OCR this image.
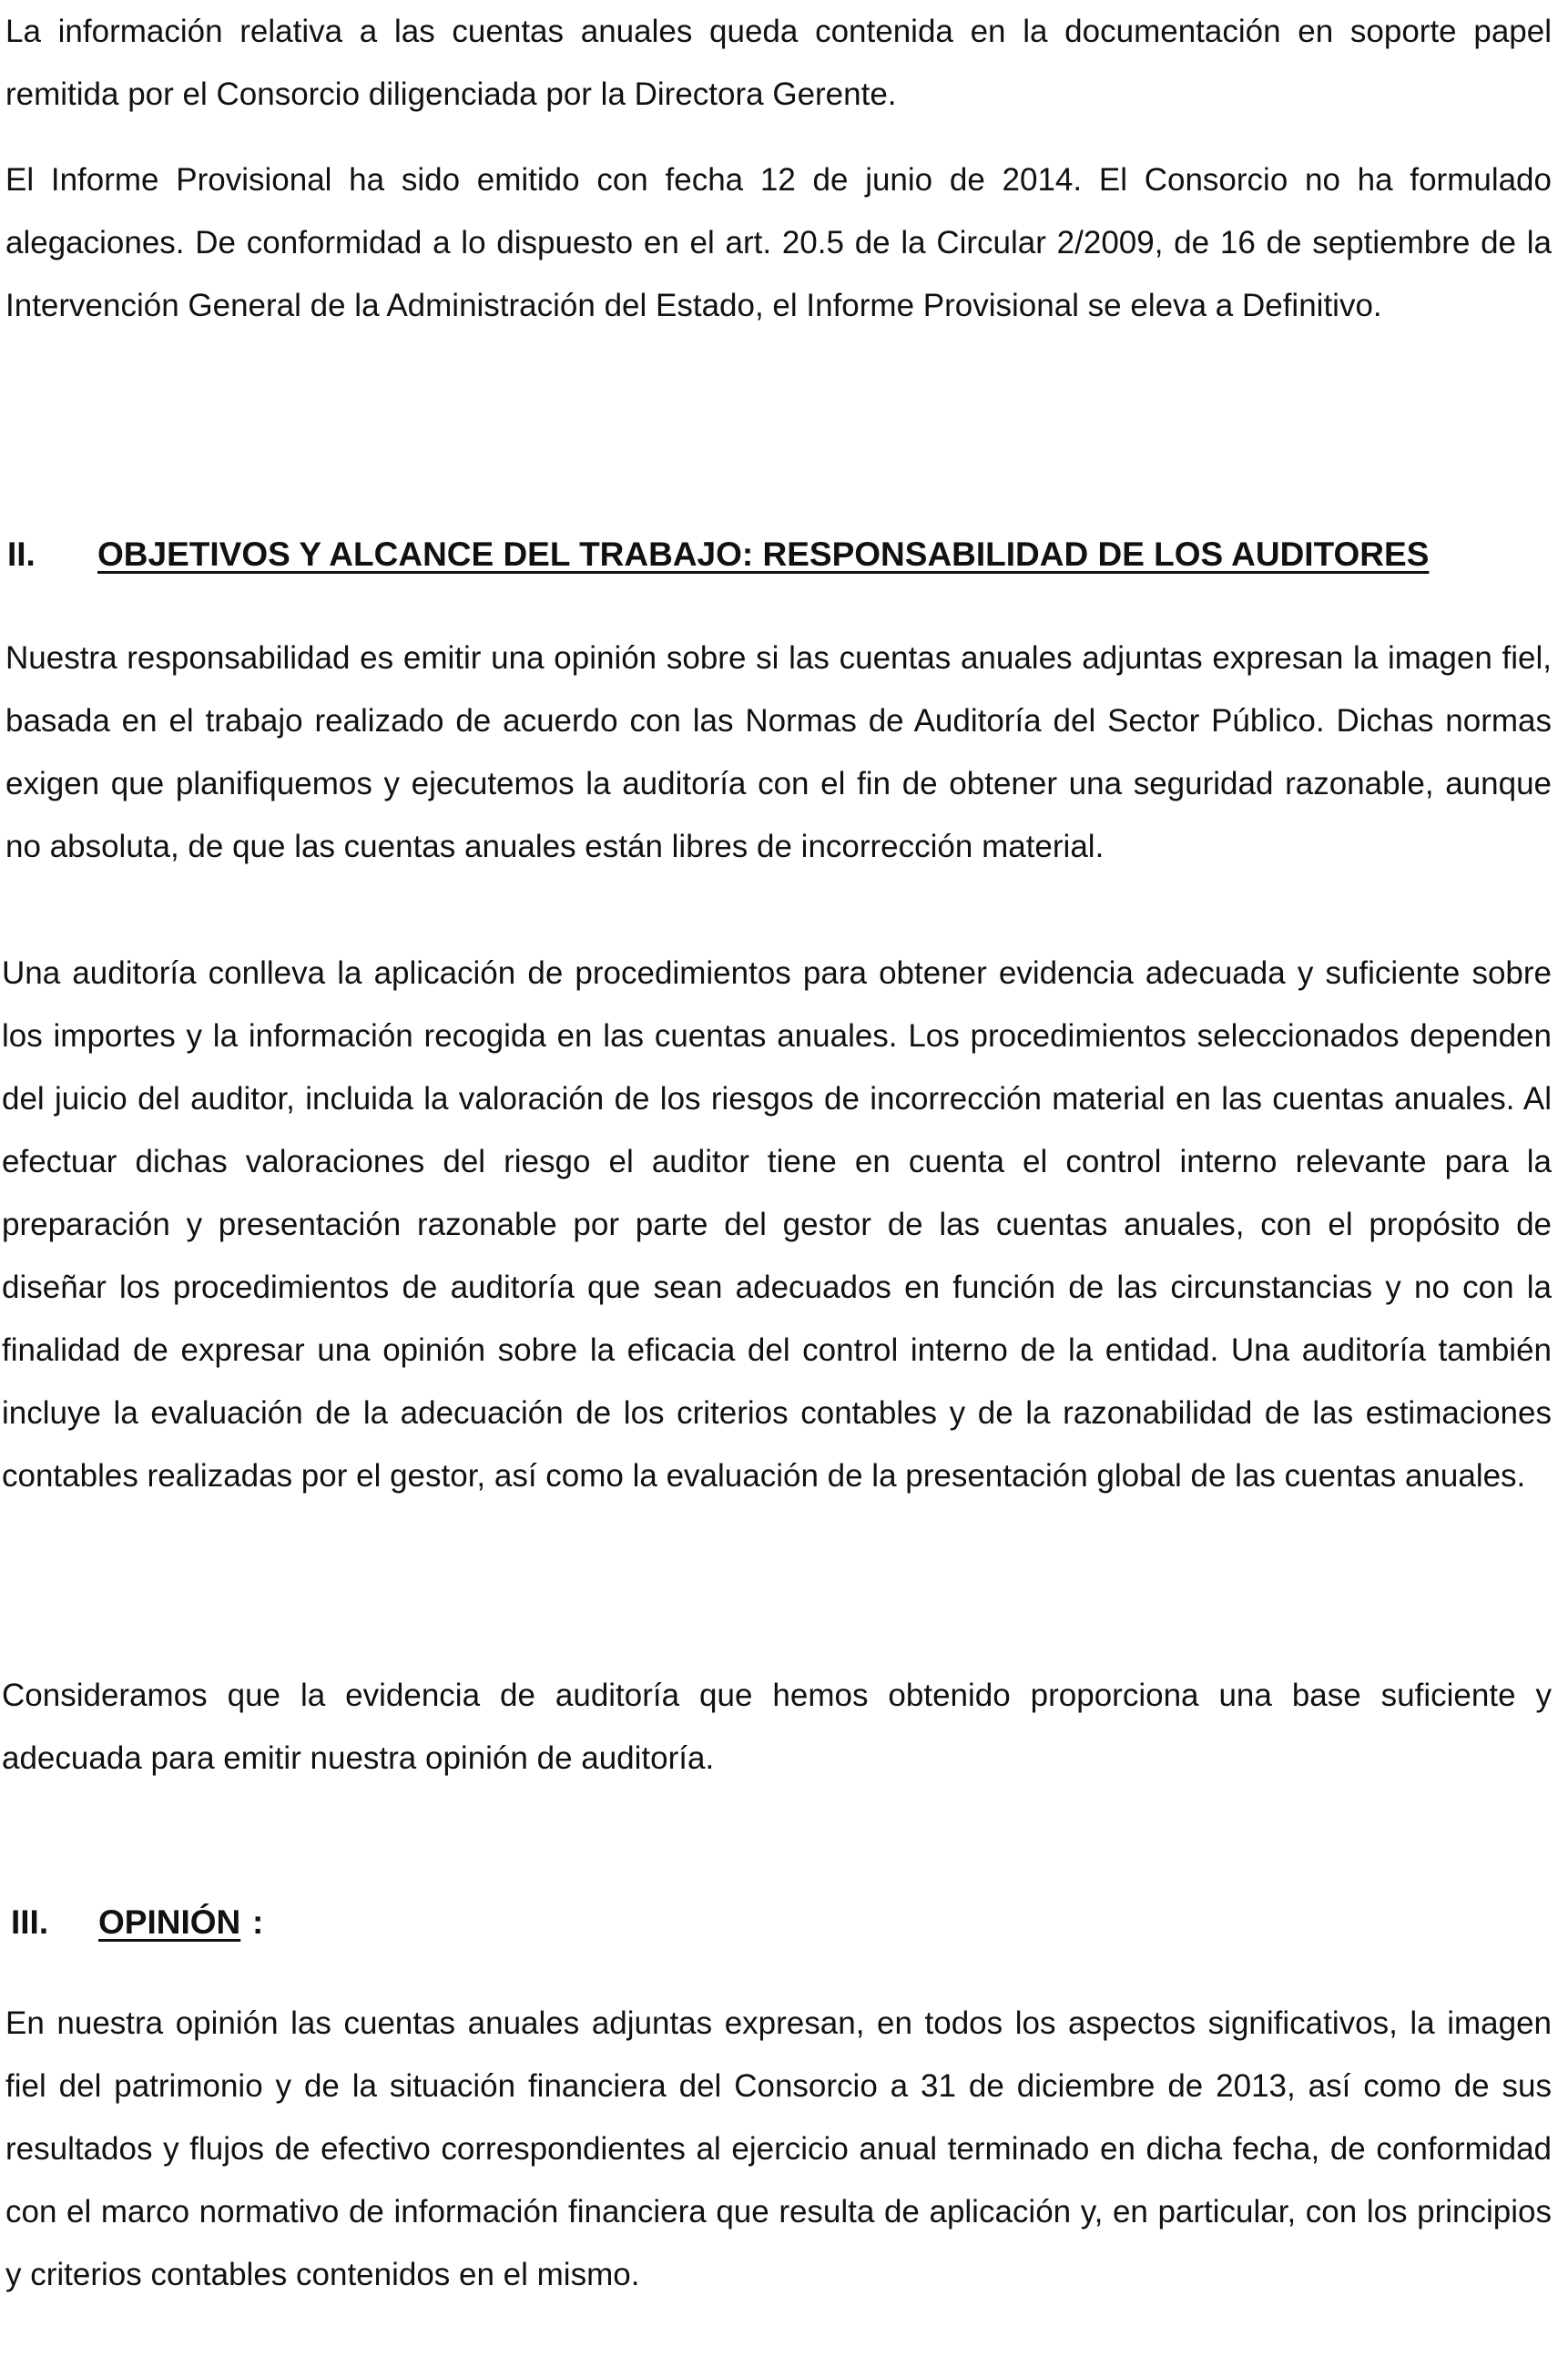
La información relativa a las cuentas anuales queda contenida en la documentación en soporte papel remitida por el Consorcio diligenciada por la Directora Gerente.

El Informe Provisional ha sido emitido con fecha 12 de junio de 2014. El Consorcio no ha formulado alegaciones. De conformidad a lo dispuesto en el art. 20.5 de la Circular 2/2009, de 16 de septiembre de la Intervención General de la Administración del Estado, el Informe Provisional se eleva a Definitivo.

II. OBJETIVOS Y ALCANCE DEL TRABAJO: RESPONSABILIDAD DE LOS AUDITORES

Nuestra responsabilidad es emitir una opinión sobre si las cuentas anuales adjuntas expresan la imagen fiel, basada en el trabajo realizado de acuerdo con las Normas de Auditoría del Sector Público. Dichas normas exigen que planifiquemos y ejecutemos la auditoría con el fin de obtener una seguridad razonable, aunque no absoluta, de que las cuentas anuales están libres de incorrección material.

Una auditoría conlleva la aplicación de procedimientos para obtener evidencia adecuada y suficiente sobre los importes y la información recogida en las cuentas anuales. Los procedimientos seleccionados dependen del juicio del auditor, incluida la valoración de los riesgos de incorrección material en las cuentas anuales. Al efectuar dichas valoraciones del riesgo el auditor tiene en cuenta el control interno relevante para la preparación y presentación razonable por parte del gestor de las cuentas anuales, con el propósito de diseñar los procedimientos de auditoría que sean adecuados en función de las circunstancias y no con la finalidad de expresar una opinión sobre la eficacia del control interno de la entidad. Una auditoría también incluye la evaluación de la adecuación de los criterios contables y de la razonabilidad de las estimaciones contables realizadas por el gestor, así como la evaluación de la presentación global de las cuentas anuales.

Consideramos que la evidencia de auditoría que hemos obtenido proporciona una base suficiente y adecuada para emitir nuestra opinión de auditoría.

III. OPINIÓN :

En nuestra opinión las cuentas anuales adjuntas expresan, en todos los aspectos significativos, la imagen fiel del patrimonio y de la situación financiera del Consorcio a 31 de diciembre de 2013, así como de sus resultados y flujos de efectivo correspondientes al ejercicio anual terminado en dicha fecha, de conformidad con el marco normativo de información financiera que resulta de aplicación y, en particular, con los principios y criterios contables contenidos en el mismo.
